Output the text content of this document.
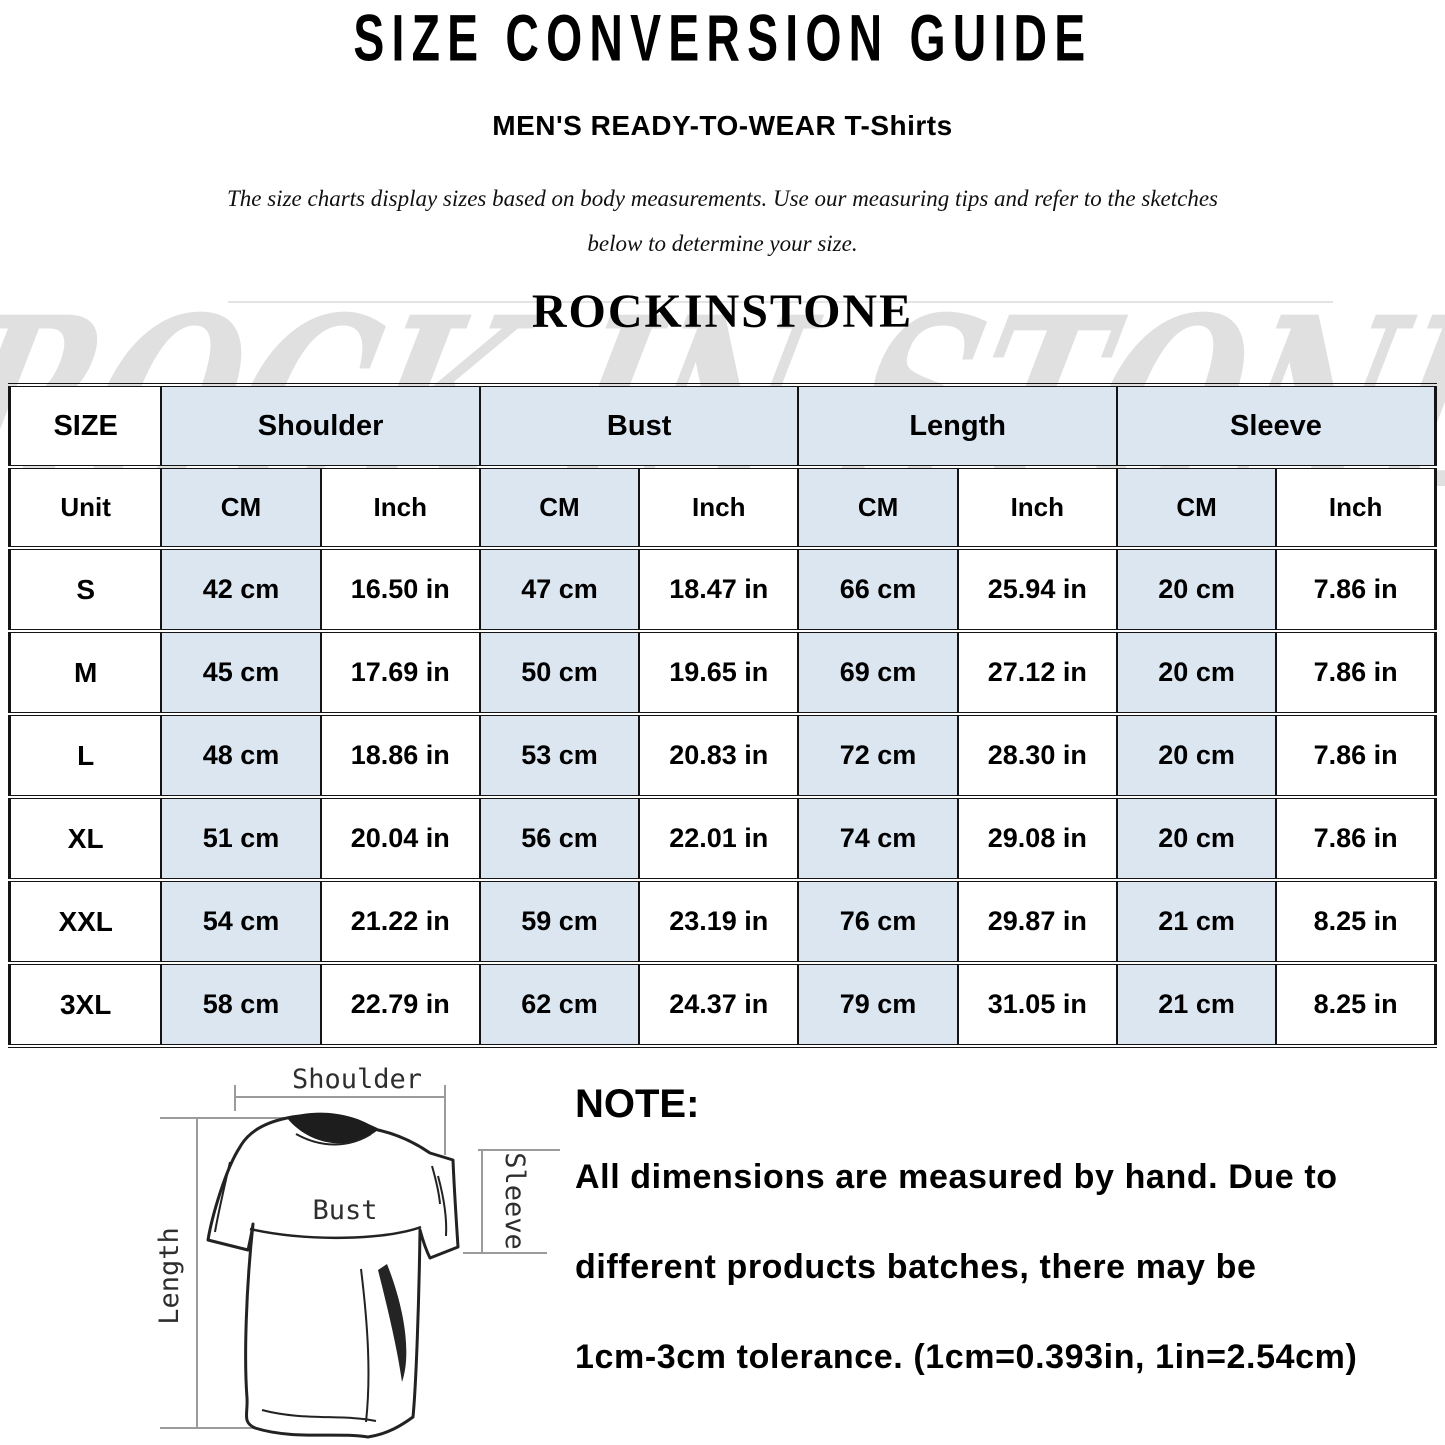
SIZE CONVERSION GUIDE
MEN'S READY-TO-WEAR T-Shirts
The size charts display sizes based on body measurements. Use our measuring tips and refer to the sketches
below to determine your size.
ROCKINSTONE
SIZE	Shoulder		Bust		Length		Sleeve	
Unit	CM	Inch	CM	Inch	CM	Inch	CM	Inch
S	42 cm	16.50 in	47 cm	18.47 in	66 cm	25.94 in	20 cm	7.86 in
M	45 cm	17.69 in	50 cm	19.65 in	69 cm	27.12 in	20 cm	7.86 in
L	48 cm	18.86 in	53 cm	20.83 in	72 cm	28.30 in	20 cm	7.86 in
XL	51 cm	20.04 in	56 cm	22.01 in	74 cm	29.08 in	20 cm	7.86 in
XXL	54 cm	21.22 in	59 cm	23.19 in	76 cm	29.87 in	21 cm	8.25 in
3XL	58 cm	22.79 in	62 cm	24.37 in	79 cm	31.05 in	21 cm	8.25 in
Shoulder
Bust	Sleeve
Length
NOTE:
All dimensions are measured by hand. Due to
different products batches, there may be
1cm-3cm tolerance. (1cm=0.393in, 1in=2.54cm)
